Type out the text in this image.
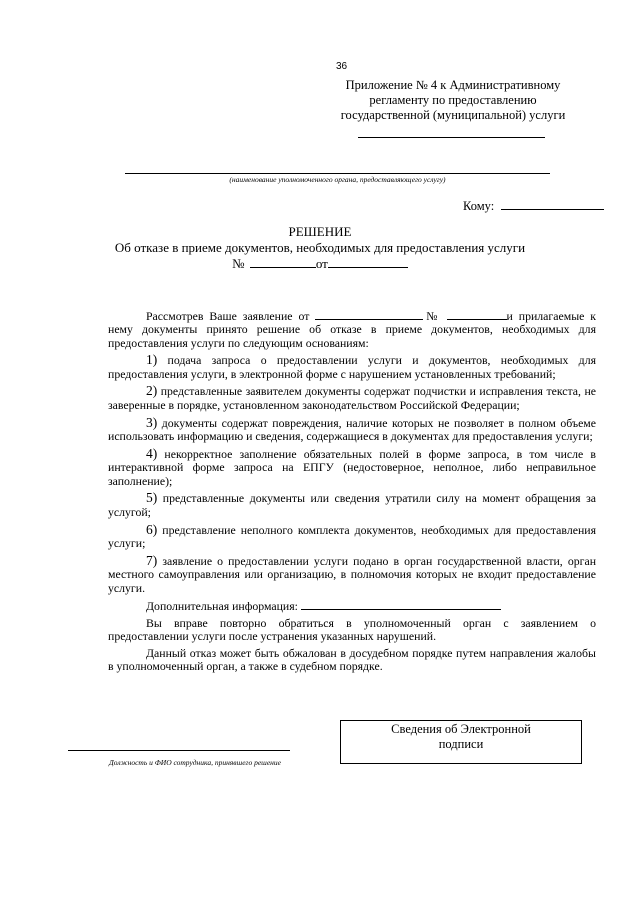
36
Приложение № 4 к Административному
регламенту по предоставлению
государственной (муниципальной) услуги
(наименование уполномоченного органа, предоставляющего услугу)
Кому:
РЕШЕНИЕ
Об отказе в приеме документов, необходимых для предоставления услуги
№	от

Рассмотрев Ваше заявление от	№	и прилагаемые к нему документы принято решение об отказе в приеме документов, необходимых для предоставления услуги по следующим основаниям:

1) подача запроса о предоставлении услуги и документов, необходимых для предоставления услуги, в электронной форме с нарушением установленных требований;

2) представленные заявителем документы содержат подчистки и исправления текста, не заверенные в порядке, установленном законодательством Российской Федерации;

3) документы содержат повреждения, наличие которых не позволяет в полном объеме использовать информацию и сведения, содержащиеся в документах для предоставления услуги;

4) некорректное заполнение обязательных полей в форме запроса, в том числе в интерактивной форме запроса на ЕПГУ (недостоверное, неполное, либо неправильное заполнение);

5) представленные документы или сведения утратили силу на момент обращения за услугой;

6) представление неполного комплекта документов, необходимых для предоставления услуги;

7) заявление о предоставлении услуги подано в орган государственной власти, орган местного самоуправления или организацию, в полномочия которых не входит предоставление услуги.

Дополнительная информация:

Вы вправе повторно обратиться в уполномоченный орган с заявлением о предоставлении услуги после устранения указанных нарушений.

Данный отказ может быть обжалован в досудебном порядке путем направления жалобы в уполномоченный орган, а также в судебном порядке.

Сведения об Электронной
подписи
Должность и ФИО сотрудника, принявшего решение
